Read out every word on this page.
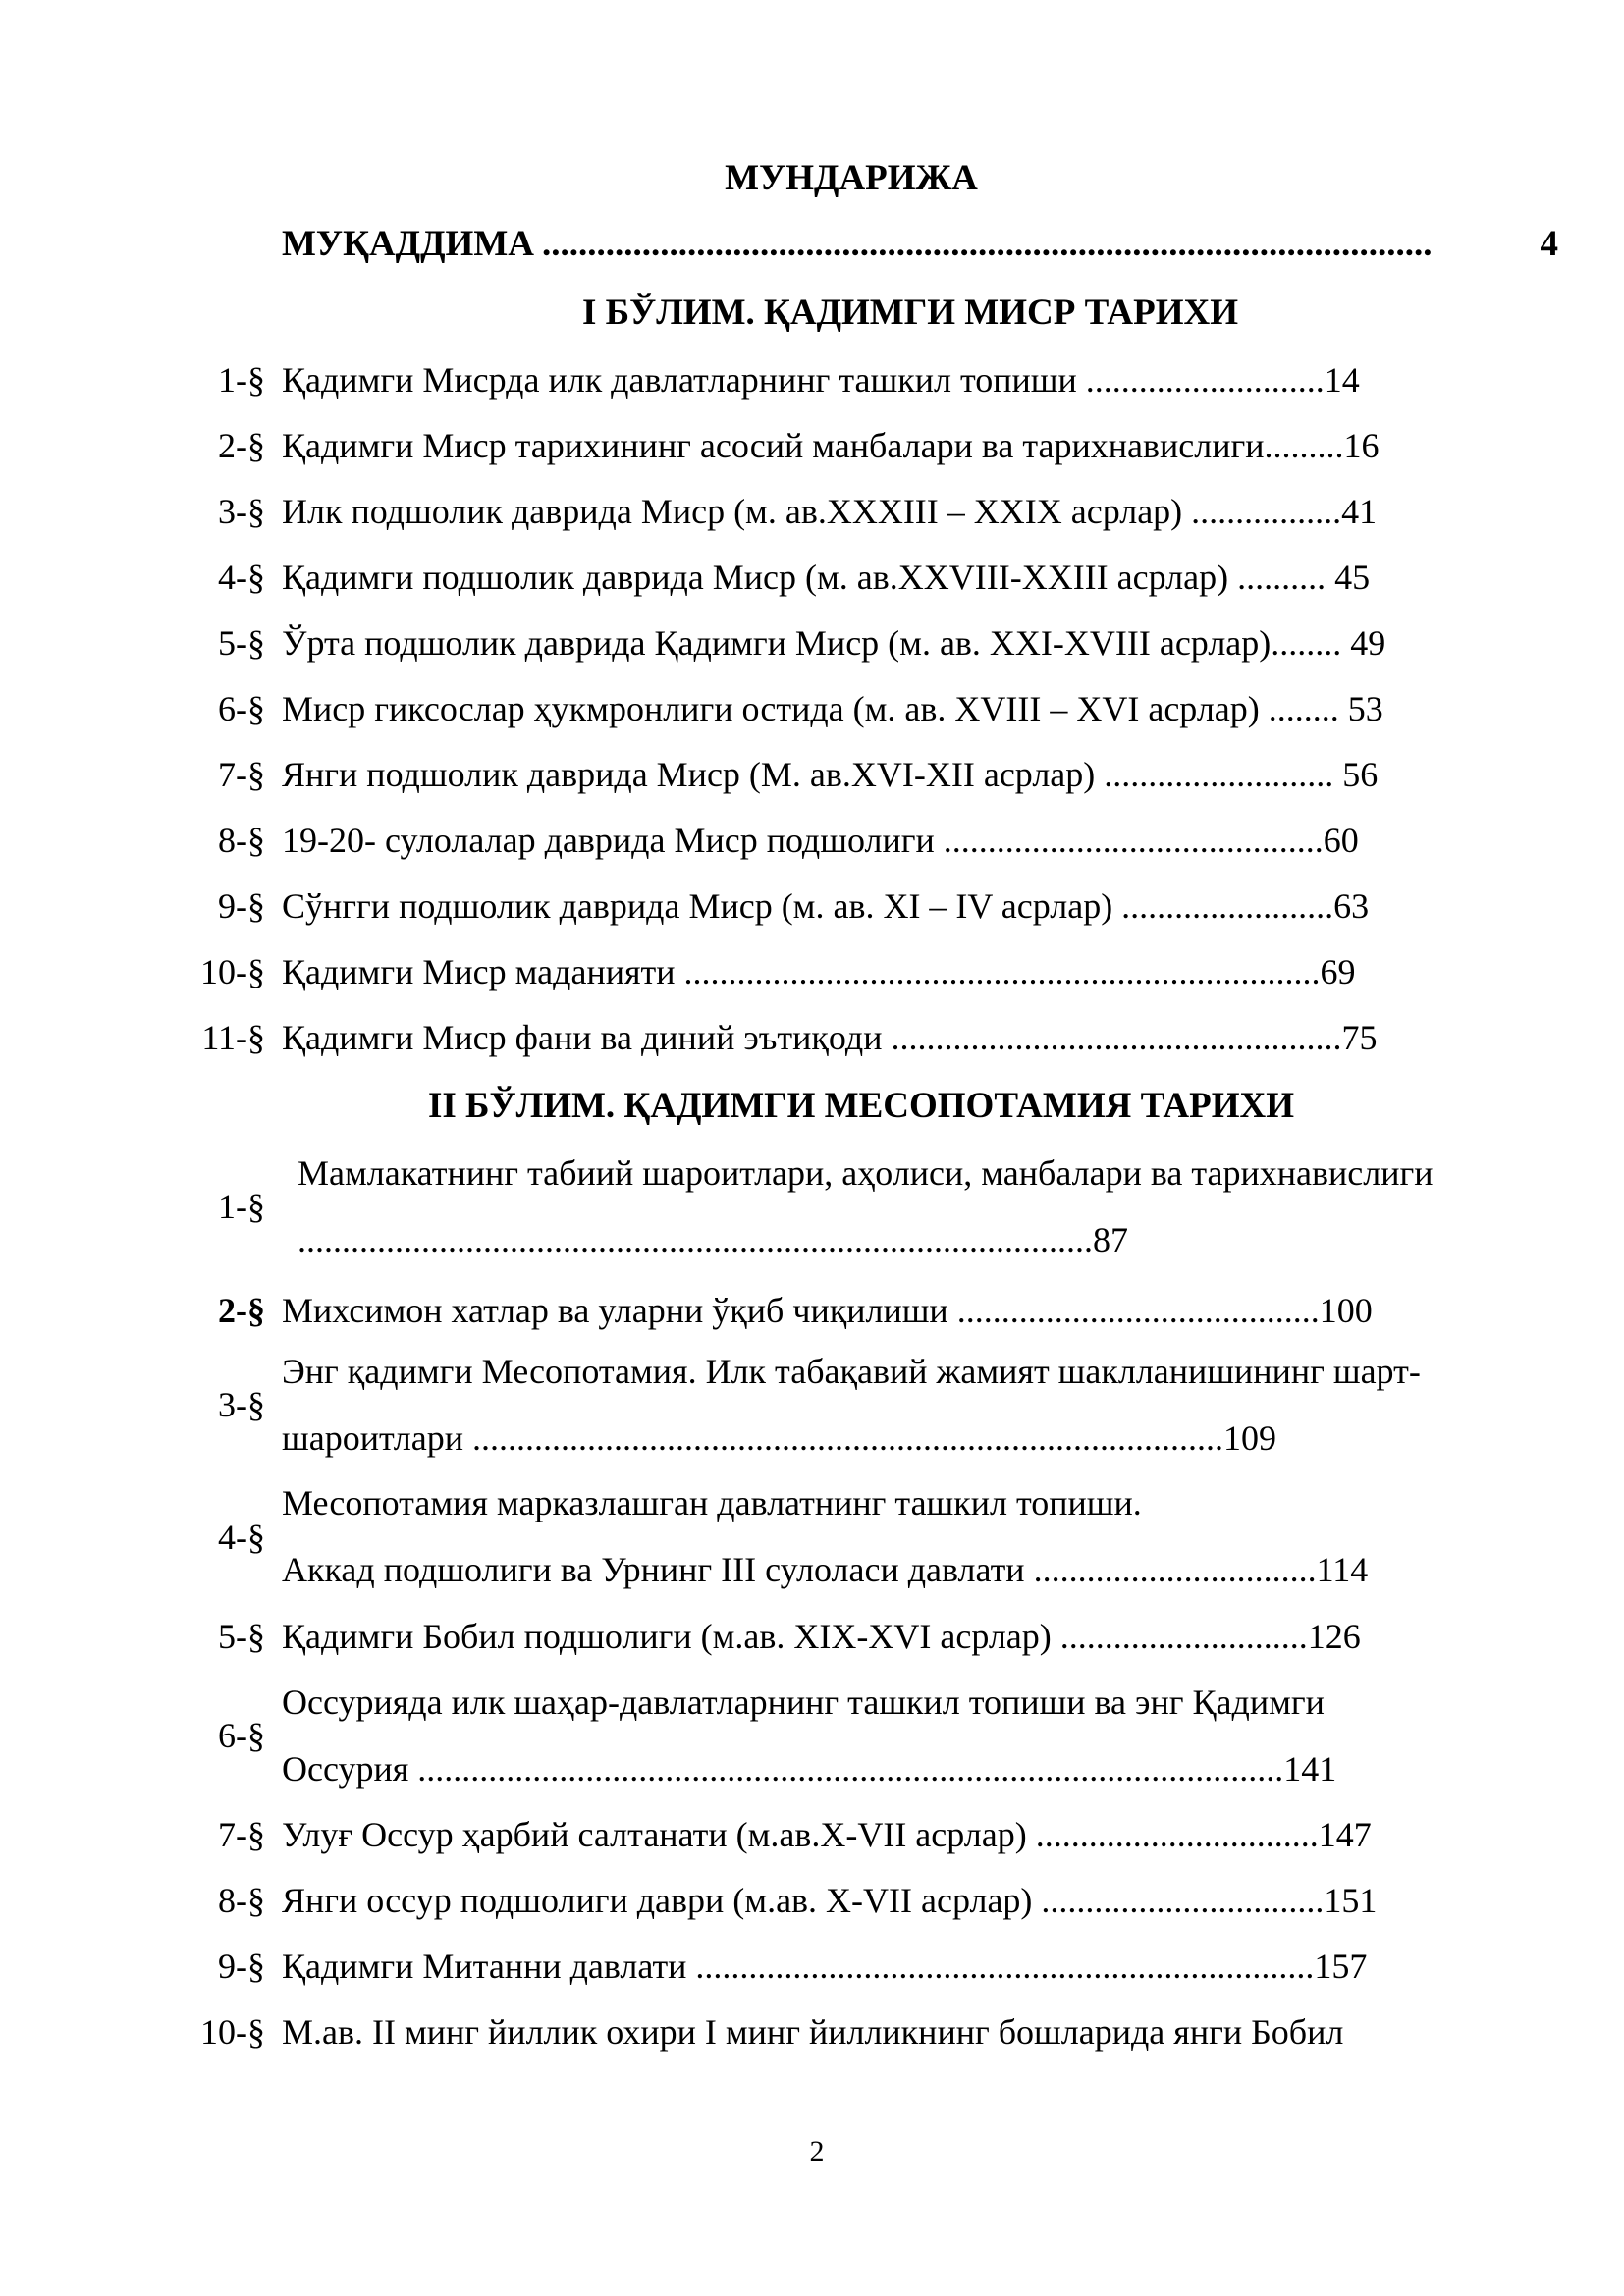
МУНДАРИЖА
МУҚАДДИМА ..................................................................................................	4
I БЎЛИМ. ҚАДИМГИ МИСР ТАРИХИ
1-§ Қадимги Мисрда илк давлатларнинг ташкил топиши ...........................14
2-§ Қадимги Миср тарихининг асосий манбалари ва тарихнавислиги.........16
3-§ Илк подшолик даврида Миср (м. ав.XXXIII – XXIX асрлар) .................41
4-§ Қадимги подшолик даврида Миср (м. ав.XXVIII-XXIII асрлар) .......... 45
5-§ Ўрта подшолик даврида Қадимги Миср (м. ав. XXI-XVIII асрлар)........ 49
6-§ Миср гиксослар ҳукмронлиги остида (м. ав. XVIII – XVI асрлар) ........ 53
7-§ Янги подшолик даврида Миср (М. ав.XVI-XII асрлар) .......................... 56
8-§ 19-20- сулолалар даврида Миср подшолиги ...........................................60
9-§ Сўнгги подшолик даврида Миср (м. ав. XI – IV асрлар) ........................63
10-§ Қадимги Миср маданияти ........................................................................69
11-§ Қадимги Миср фани ва диний эътиқоди ...................................................75
II БЎЛИМ. ҚАДИМГИ МЕСОПОТАМИЯ ТАРИХИ
1-§
Мамлакатнинг табиий шароитлари, аҳолиси, манбалари ва тарихнавислиги
..........................................................................................87
2-§ Михсимон хатлар ва уларни ўқиб чиқилиши .........................................100
3-§
Энг қадимги Месопотамия. Илк табақавий жамият шаклланишининг шарт-
шароитлари .....................................................................................109
4-§
Месопотамия марказлашган давлатнинг ташкил топиши.
Аккад подшолиги ва Урнинг III сулоласи давлати ................................114
5-§ Қадимги Бобил подшолиги (м.ав. XIX-XVI асрлар) ............................126
6-§
Оссурияда илк шаҳар-давлатларнинг ташкил топиши ва энг Қадимги
Оссурия ..................................................................................................141
7-§ Улуғ Оссур ҳарбий салтанати (м.ав.X-VII асрлар) ................................147
8-§ Янги оссур подшолиги даври (м.ав. X-VII асрлар) ................................151
9-§ Қадимги Митанни давлати ......................................................................157
10-§ М.ав. II минг йиллик охири I минг йилликнинг бошларида янги Бобил
2
